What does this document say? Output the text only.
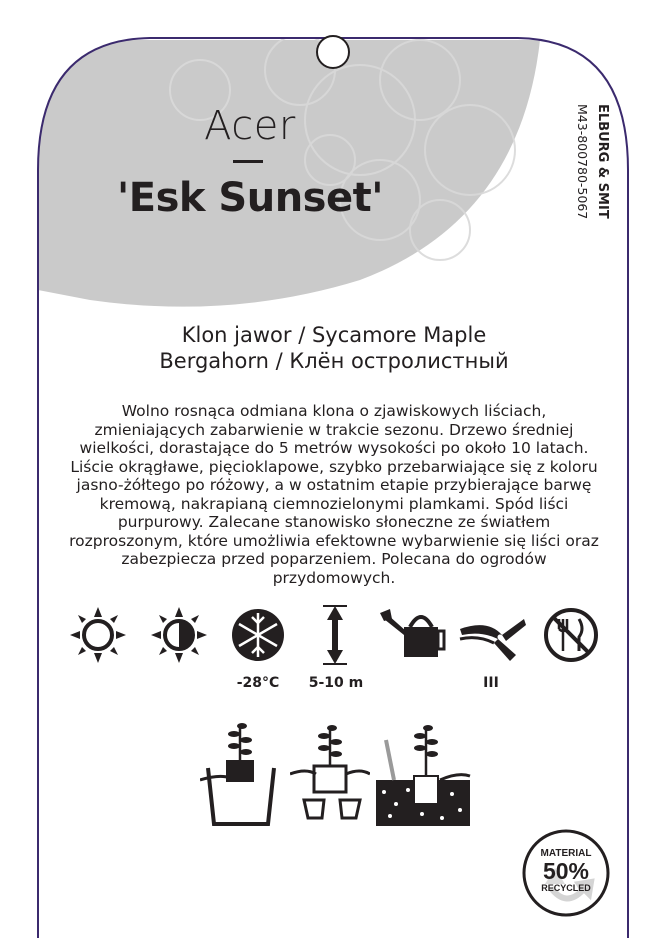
Acer
'Esk Sunset'	ELBURG & SMIT
M43-800780-5067
Klon jawor / Sycamore Maple
Bergahorn / Клён остролистный
Wolno rosnąca odmiana klona o zjawiskowych liściach, zmieniających zabarwienie w trakcie sezonu. Drzewo średniej wielkości, dorastające do 5 metrów wysokości po około 10 latach. Liście okrągławe, pięcioklapowe, szybko przebarwiające się z koloru jasno-żółtego po różowy, a w ostatnim etapie przybierające barwę kremową, nakrapianą ciemnozielonymi plamkami. Spód liści purpurowy. Zalecane stanowisko słoneczne ze światłem rozproszonym, które umożliwia efektowne wybarwienie się liści oraz zabezpiecza przed poparzeniem. Polecana do ogrodów przydomowych.
-28°C	5-10 m	III
MATERIAL
50%
RECYCLED
